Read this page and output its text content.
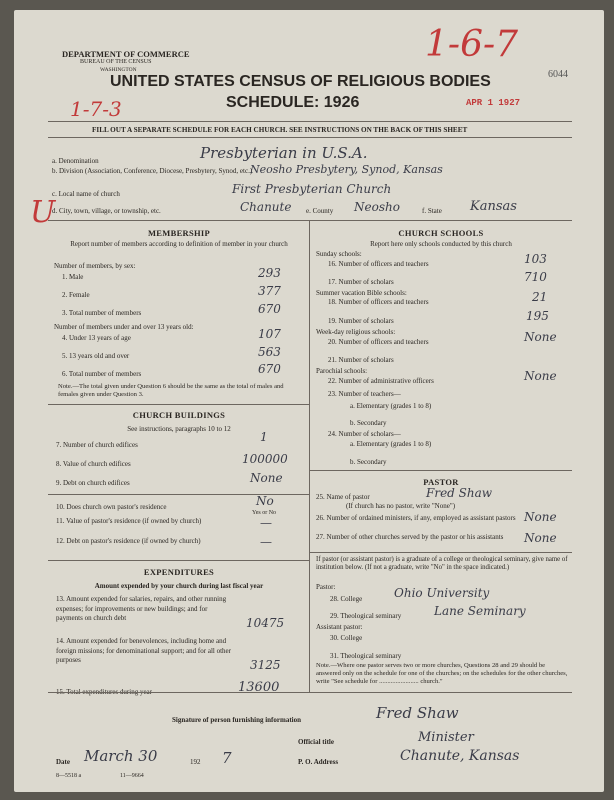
DEPARTMENT OF COMMERCE
BUREAU OF THE CENSUS
WASHINGTON
UNITED STATES CENSUS OF RELIGIOUS BODIES
SCHEDULE: 1926
6044
APR 1 1927
1-6-7
1-7-3
U
FILL OUT A SEPARATE SCHEDULE FOR EACH CHURCH. SEE INSTRUCTIONS ON THE BACK OF THIS SHEET
a. Denomination	Presbyterian in U.S.A.
b. Division (Association, Conference, Diocese, Presbytery, Synod, etc.)
Neosho Presbytery, Synod, Kansas
c. Local name of church	First Presbyterian Church
d. City, town, village, or township, etc.	Chanute e. County Neosho	f. State Kansas
MEMBERSHIP
Report number of members according to definition of member in your church
Number of members, by sex:
1. Male	293
2. Female	377
3. Total number of members	670
Number of members under and over 13 years old:
4. Under 13 years of age	107
5. 13 years old and over	563
6. Total number of members	670
Note.—The total given under Question 6 should be the same as the total of males and females given under Question 3.
CHURCH BUILDINGS
See instructions, paragraphs 10 to 12
7. Number of church edifices
1
8. Value of church edifices	100000
9. Debt on church edifices	None
10. Does church own pastor's residence	No
Yes or No
11. Value of pastor's residence (if owned by church)	—
12. Debt on pastor's residence (if owned by church)	—
EXPENDITURES
Amount expended by your church during last fiscal year
13. Amount expended for salaries, repairs, and other running expenses; for improvements or new buildings; and for payments on church debt	10475
14. Amount expended for benevolences, including home and foreign missions; for denominational support; and for all other purposes	3125
15. Total expenditures during year	13600
CHURCH SCHOOLS
Report here only schools conducted by this church
Sunday schools:
16. Number of officers and teachers	103
17. Number of scholars	710
Summer vacation Bible schools:
18. Number of officers and teachers	21
19. Number of scholars	195
Week-day religious schools:
20. Number of officers and teachers	None
21. Number of scholars
Parochial schools:
22. Number of administrative officers	None
23. Number of teachers—
a. Elementary (grades 1 to 8)
b. Secondary
24. Number of scholars—
a. Elementary (grades 1 to 8)
b. Secondary
PASTOR
25. Name of pastor	Fred Shaw
(If church has no pastor, write "None")
26. Number of ordained ministers, if any, employed as assistant pastors None
27. Number of other churches served by the pastor or his assistants	None
If pastor (or assistant pastor) is a graduate of a college or theological seminary, give name of institution below. (If not a graduate, write "No" in the space indicated.)
Pastor:
28. College	Ohio University
29. Theological seminary	Lane Seminary
Assistant pastor:
30. College
31. Theological seminary
Note.—Where one pastor serves two or more churches, Questions 28 and 29 should be answered only on the schedule for one of the churches; on the schedules for the other churches, write "See schedule for ........................ church."
Signature of person furnishing information	Fred Shaw
Official title	Minister
Date March 30	192 7	P. O. Address	Chanute, Kansas
8—5518 a	11—9664
